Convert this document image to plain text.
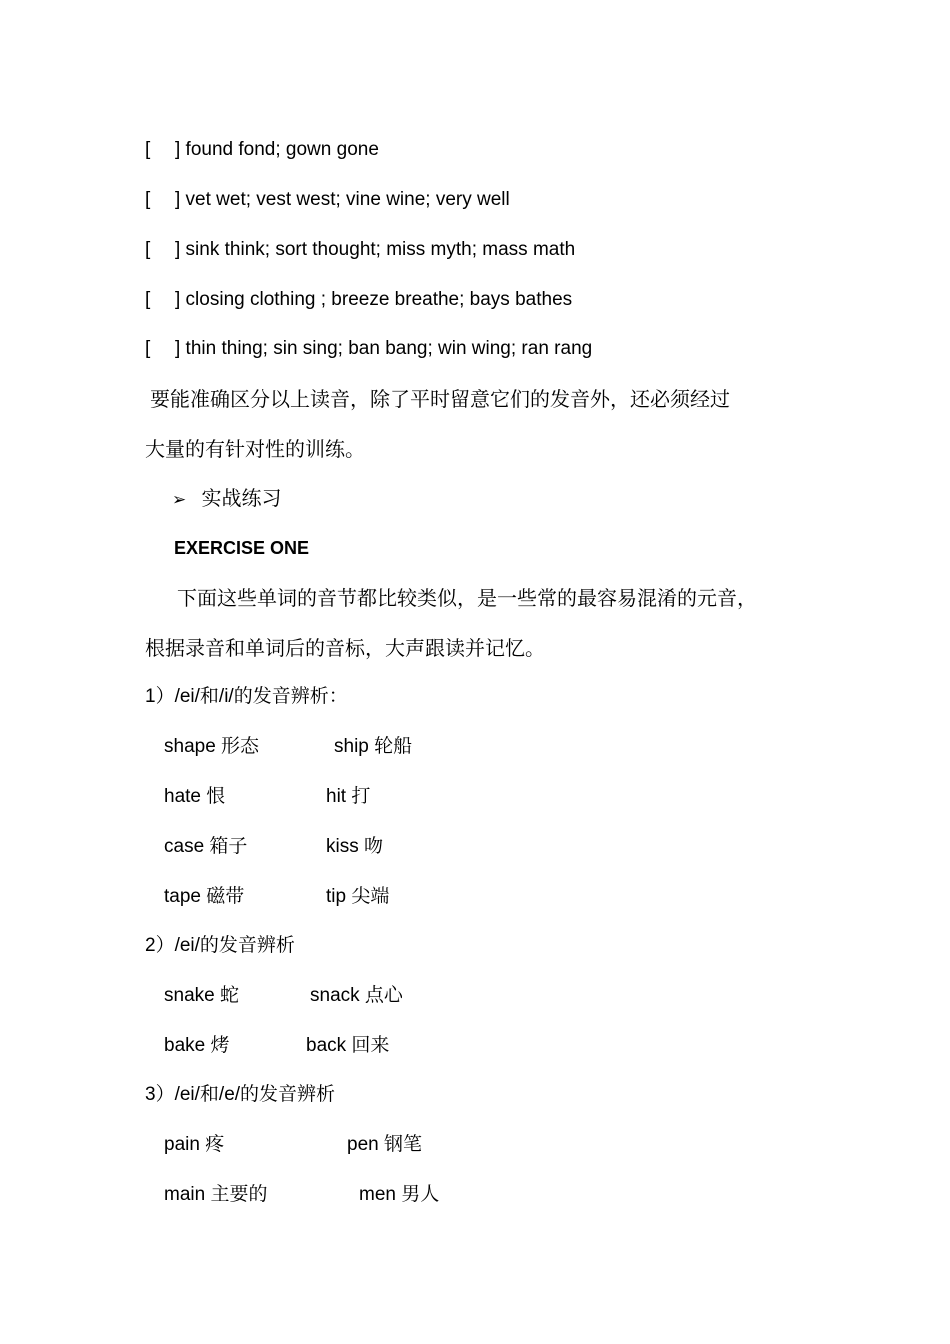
[ ] found fond; gown gone
[ ] vet wet; vest west; vine wine; very well
[ ] sink think; sort thought; miss myth; mass math
[ ] closing clothing ; breeze breathe; bays bathes
[ ] thin thing; sin sing; ban bang; win wing; ran rang
要能准确区分以上读音，除了平时留意它们的发音外，还必须经过
大量的有针对性的训练。
➢ 实战练习
EXERCISE ONE
下面这些单词的音节都比较类似，是一些常的最容易混淆的元音，
根据录音和单词后的音标，大声跟读并记忆。
1）/ei/和/i/的发音辨析：
shape 形态	ship 轮船
hate 恨	hit 打
case 箱子	kiss 吻
tape 磁带	tip 尖端
2）/ei/的发音辨析
snake 蛇	snack 点心
bake 烤	back 回来
3）/ei/和/e/的发音辨析
pain 疼	pen 钢笔
main 主要的	men 男人
